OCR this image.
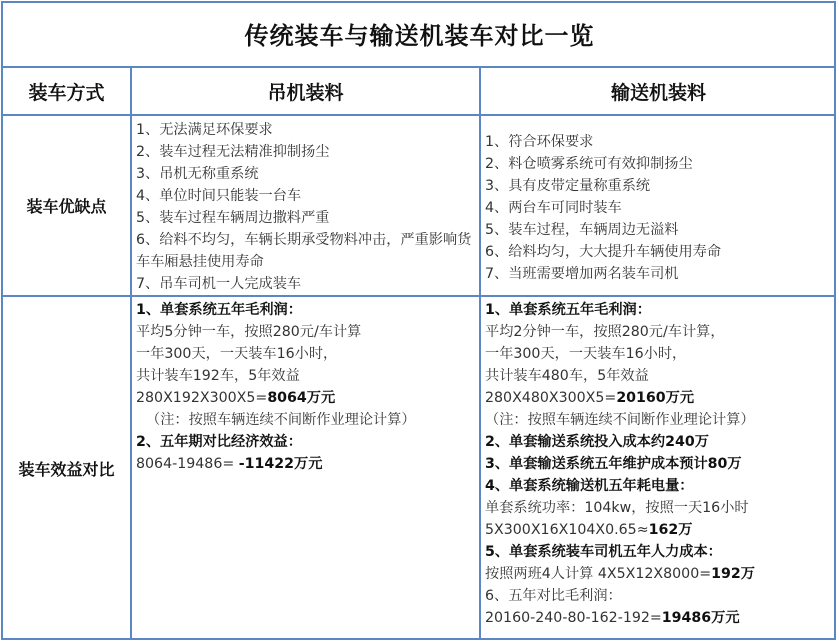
传统装车与输送机装车对比一览
装车方式	吊机装料	输送机装料
装车优缺点
1、无法满足环保要求
2、装车过程无法精准抑制扬尘
3、吊机无称重系统
4、单位时间只能装一台车
5、装车过程车辆周边撒料严重
6、给料不均匀，车辆长期承受物料冲击，严重影响货车车厢悬挂使用寿命
7、吊车司机一人完成装车
1、符合环保要求
2、料仓喷雾系统可有效抑制扬尘
3、具有皮带定量称重系统
4、两台车可同时装车
5、装车过程，车辆周边无溢料
6、给料均匀，大大提升车辆使用寿命
7、当班需要增加两名装车司机
装车效益对比
1、单套系统五年毛利润：
平均5分钟一车，按照280元/车计算
一年300天，一天装车16小时，
共计装车192车，5年效益
280X192X300X5=8064万元
（注：按照车辆连续不间断作业理论计算）
2、五年期对比经济效益：
8064-19486= -11422万元
1、单套系统五年毛利润：
平均2分钟一车，按照280元/车计算，
一年300天，一天装车16小时，
共计装车480车，5年效益
280X480X300X5=20160万元
（注：按照车辆连续不间断作业理论计算）
2、单套输送系统投入成本约240万
3、单套输送系统五年维护成本预计80万
4、单套系统输送机五年耗电量：
单套系统功率：104kw，按照一天16小时
5X300X16X104X0.65≈162万
5、单套系统装车司机五年人力成本：
按照两班4人计算 4X5X12X8000=192万
6、五年对比毛利润：
20160-240-80-162-192=19486万元
